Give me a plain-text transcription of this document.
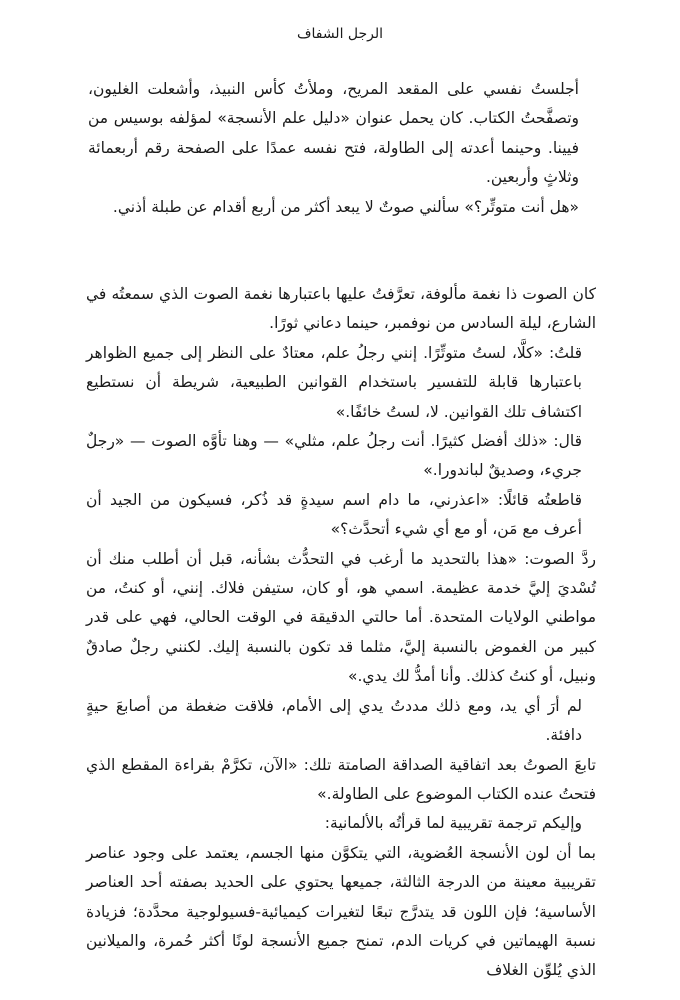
الرجل الشفاف

أجلستُ نفسي على المقعد المريح، وملأتُ كأس النبيذ، وأشعلت الغليون، وتصفَّحتُ الكتاب. كان يحمل عنوان «دليل علم الأنسجة» لمؤلفه بوسيس من فيينا. وحينما أعدته إلى الطاولة، فتح نفسه عمدًا على الصفحة رقم أربعمائة وثلاثٍ وأربعين.

«هل أنت متوتِّر؟» سألني صوتٌ لا يبعد أكثر من أربع أقدام عن طبلة أذني.

كان الصوت ذا نغمة مألوفة، تعرَّفتُ عليها باعتبارها نغمة الصوت الذي سمعتُه في الشارع، ليلة السادس من نوفمبر، حينما دعاني ثورًا.

قلتُ: «كلَّا، لستُ متوتِّرًا. إنني رجلُ علم، معتادٌ على النظر إلى جميع الظواهر باعتبارها قابلة للتفسير باستخدام القوانين الطبيعية، شريطة أن نستطيع اكتشاف تلك القوانين. لا، لستُ خائفًا.»

قال: «ذلك أفضل كثيرًا. أنت رجلُ علم، مثلي» — وهنا تأوَّه الصوت — «رجلٌ جريء، وصديقٌ لباندورا.»

قاطعتُه قائلًا: «اعذرني، ما دام اسم سيدةٍ قد ذُكر، فسيكون من الجيد أن أعرف مع مَن، أو مع أي شيء أتحدَّث؟»

ردَّ الصوت: «هذا بالتحديد ما أرغب في التحدُّث بشأنه، قبل أن أطلب منك أن تُسْديَ إليَّ خدمة عظيمة. اسمي هو، أو كان، ستيفن فلاك. إنني، أو كنتُ، من مواطني الولايات المتحدة. أما حالتي الدقيقة في الوقت الحالي، فهي على قدر كبير من الغموض بالنسبة إليَّ، مثلما قد تكون بالنسبة إليك. لكنني رجلٌ صادقٌ ونبيل، أو كنتُ كذلك. وأنا أمدُّ لك يدي.»

لم أرَ أي يد، ومع ذلك مددتُ يدي إلى الأمام، فلاقت ضغطة من أصابعَ حيةٍ دافئة.

تابعَ الصوتُ بعد اتفاقية الصداقة الصامتة تلك: «الآن، تكرَّمْ بقراءة المقطع الذي فتحتُ عنده الكتاب الموضوع على الطاولة.»

وإليكم ترجمة تقريبية لما قرأتُه بالألمانية:

بما أن لون الأنسجة العُضوية، التي يتكوَّن منها الجسم، يعتمد على وجود عناصر تقريبية معينة من الدرجة الثالثة، جميعها يحتوي على الحديد بصفته أحد العناصر الأساسية؛ فإن اللون قد يتدرَّج تبعًا لتغيرات كيميائية-فسيولوجية محدَّدة؛ فزيادة نسبة الهيماتين في كريات الدم، تمنح جميع الأنسجة لونًا أكثر حُمرة، والميلانين الذي يُلوِّن الغلاف
